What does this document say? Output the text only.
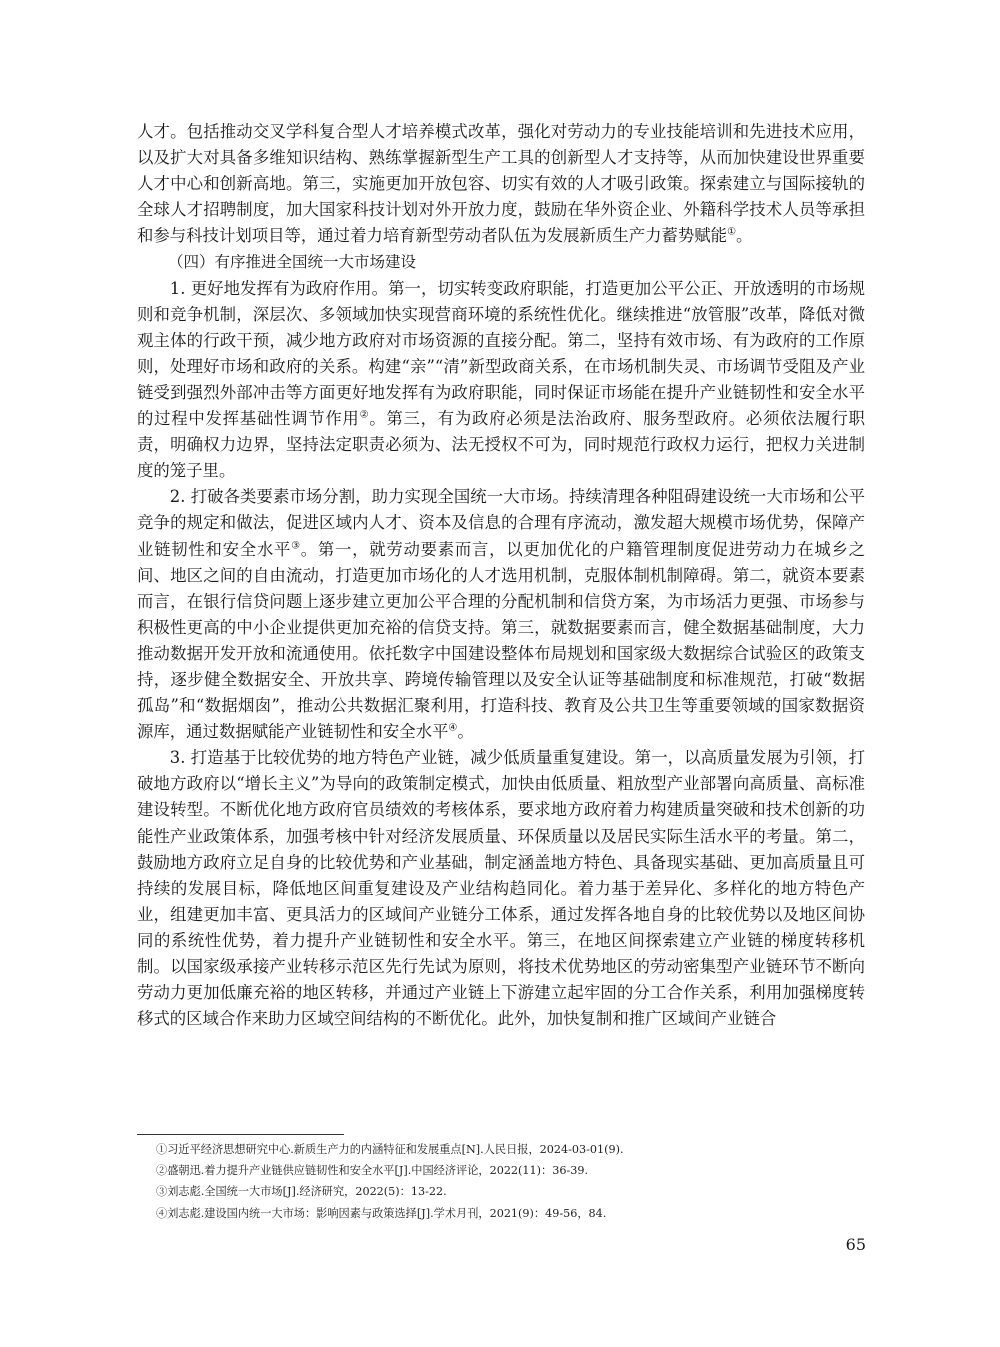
人才。包括推动交叉学科复合型人才培养模式改革，强化对劳动力的专业技能培训和先进技术应用，以及扩大对具备多维知识结构、熟练掌握新型生产工具的创新型人才支持等，从而加快建设世界重要人才中心和创新高地。第三，实施更加开放包容、切实有效的人才吸引政策。探索建立与国际接轨的全球人才招聘制度，加大国家科技计划对外开放力度，鼓励在华外资企业、外籍科学技术人员等承担和参与科技计划项目等，通过着力培育新型劳动者队伍为发展新质生产力蓄势赋能①。

（四）有序推进全国统一大市场建设

1. 更好地发挥有为政府作用。第一，切实转变政府职能，打造更加公平公正、开放透明的市场规则和竞争机制，深层次、多领域加快实现营商环境的系统性优化。继续推进“放管服”改革，降低对微观主体的行政干预，减少地方政府对市场资源的直接分配。第二，坚持有效市场、有为政府的工作原则，处理好市场和政府的关系。构建“亲”“清”新型政商关系，在市场机制失灵、市场调节受阻及产业链受到强烈外部冲击等方面更好地发挥有为政府职能，同时保证市场能在提升产业链韧性和安全水平的过程中发挥基础性调节作用②。第三，有为政府必须是法治政府、服务型政府。必须依法履行职责，明确权力边界，坚持法定职责必须为、法无授权不可为，同时规范行政权力运行，把权力关进制度的笼子里。

2. 打破各类要素市场分割，助力实现全国统一大市场。持续清理各种阻碍建设统一大市场和公平竞争的规定和做法，促进区域内人才、资本及信息的合理有序流动，激发超大规模市场优势，保障产业链韧性和安全水平③。第一，就劳动要素而言，以更加优化的户籍管理制度促进劳动力在城乡之间、地区之间的自由流动，打造更加市场化的人才选用机制，克服体制机制障碍。第二，就资本要素而言，在银行信贷问题上逐步建立更加公平合理的分配机制和信贷方案，为市场活力更强、市场参与积极性更高的中小企业提供更加充裕的信贷支持。第三，就数据要素而言，健全数据基础制度，大力推动数据开发开放和流通使用。依托数字中国建设整体布局规划和国家级大数据综合试验区的政策支持，逐步健全数据安全、开放共享、跨境传输管理以及安全认证等基础制度和标准规范，打破“数据孤岛”和“数据烟囱”，推动公共数据汇聚利用，打造科技、教育及公共卫生等重要领域的国家数据资源库，通过数据赋能产业链韧性和安全水平④。

3. 打造基于比较优势的地方特色产业链，减少低质量重复建设。第一，以高质量发展为引领，打破地方政府以“增长主义”为导向的政策制定模式，加快由低质量、粗放型产业部署向高质量、高标准建设转型。不断优化地方政府官员绩效的考核体系，要求地方政府着力构建质量突破和技术创新的功能性产业政策体系，加强考核中针对经济发展质量、环保质量以及居民实际生活水平的考量。第二，鼓励地方政府立足自身的比较优势和产业基础，制定涵盖地方特色、具备现实基础、更加高质量且可持续的发展目标，降低地区间重复建设及产业结构趋同化。着力基于差异化、多样化的地方特色产业，组建更加丰富、更具活力的区域间产业链分工体系，通过发挥各地自身的比较优势以及地区间协同的系统性优势，着力提升产业链韧性和安全水平。第三，在地区间探索建立产业链的梯度转移机制。以国家级承接产业转移示范区先行先试为原则，将技术优势地区的劳动密集型产业链环节不断向劳动力更加低廉充裕的地区转移，并通过产业链上下游建立起牢固的分工合作关系，利用加强梯度转移式的区域合作来助力区域空间结构的不断优化。此外，加快复制和推广区域间产业链合

①习近平经济思想研究中心.新质生产力的内涵特征和发展重点[N].人民日报，2024-03-01(9).
②盛朝迅.着力提升产业链供应链韧性和安全水平[J].中国经济评论，2022(11)：36-39.
③刘志彪.全国统一大市场[J].经济研究，2022(5)：13-22.
④刘志彪.建设国内统一大市场：影响因素与政策选择[J].学术月刊，2021(9)：49-56，84.
65
